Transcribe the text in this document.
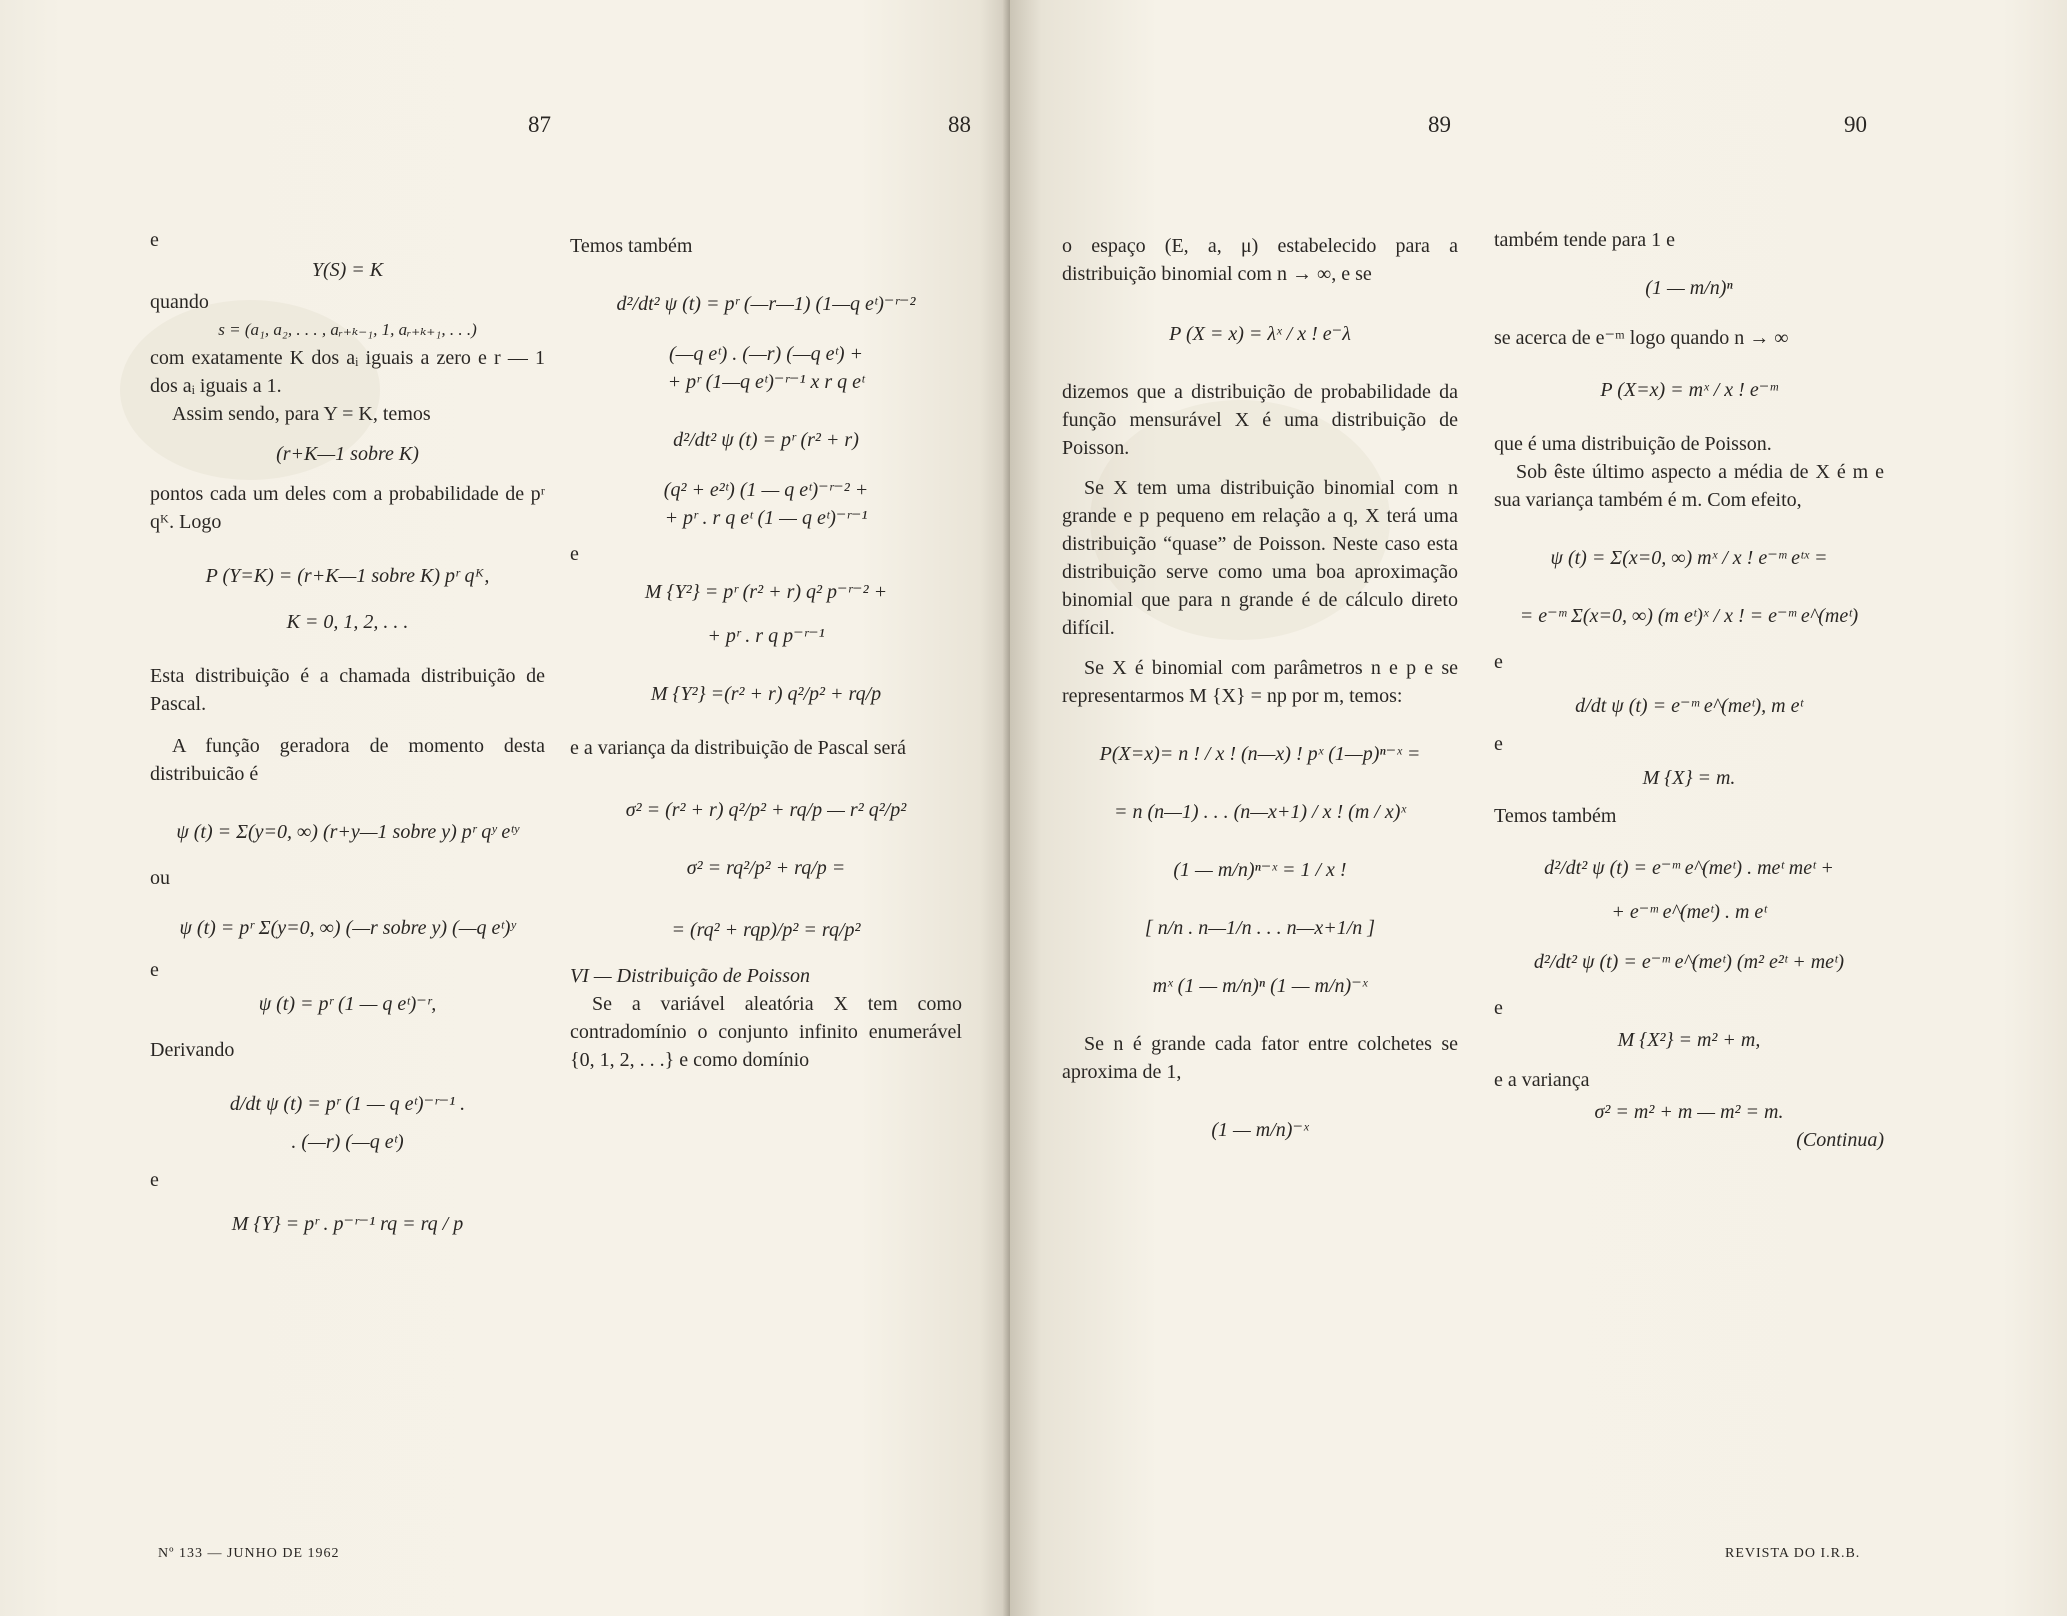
87	88

e

Y(S) = K

quando

s = (a₁, a₂, . . . , aᵣ₊ₖ₋₁, 1, aᵣ₊ₖ₊₁, . . .)

com exatamente K dos aᵢ iguais a zero e r — 1 dos aᵢ iguais a 1.

Assim sendo, para Y = K, temos

(r+K—1 sobre K)

pontos cada um deles com a probabilidade de pʳ qᴷ. Logo

P (Y=K) = (r+K—1 sobre K) pʳ qᴷ,

K = 0, 1, 2, . . .

Esta distribuição é a chamada distribuição de Pascal.

A função geradora de momento desta distribuicão é

ψ (t) = Σ(y=0, ∞) (r+y—1 sobre y) pʳ qʸ eᵗʸ

ou

ψ (t) = pʳ Σ(y=0, ∞) (—r sobre y) (—q eᵗ)ʸ

e

ψ (t) = pʳ (1 — q eᵗ)⁻ʳ,

Derivando

d/dt ψ (t) = pʳ (1 — q eᵗ)⁻ʳ⁻¹ .

. (—r) (—q eᵗ)

e

M {Y} = pʳ . p⁻ʳ⁻¹ rq = rq / p

Temos também

d²/dt² ψ (t) = pʳ (—r—1) (1—q eᵗ)⁻ʳ⁻²

(—q eᵗ) . (—r) (—q eᵗ) +

+ pʳ (1—q eᵗ)⁻ʳ⁻¹ x r q eᵗ

d²/dt² ψ (t) = pʳ (r² + r)

(q² + e²ᵗ) (1 — q eᵗ)⁻ʳ⁻² +

+ pʳ . r q eᵗ (1 — q eᵗ)⁻ʳ⁻¹

e

M {Y²} = pʳ (r² + r) q² p⁻ʳ⁻² +

+ pʳ . r q p⁻ʳ⁻¹

M {Y²} =(r² + r) q²/p² + rq/p

e a variança da distribuição de Pascal será

σ² = (r² + r) q²/p² + rq/p — r² q²/p²

σ² = rq²/p² + rq/p =

= (rq² + rqp)/p² = rq/p²

VI — Distribuição de Poisson

Se a variável aleatória X tem como contradomínio o conjunto infinito enumerável {0, 1, 2, . . .} e como domínio

Nº 133 — JUNHO DE 1962
89	90

o espaço (E, a, μ) estabelecido para a distribuição binomial com n → ∞, e se

P (X = x) = λˣ / x ! e⁻λ

dizemos que a distribuição de probabilidade da função mensurável X é uma distribuição de Poisson.

Se X tem uma distribuição binomial com n grande e p pequeno em relação a q, X terá uma distribuição “quase” de Poisson. Neste caso esta distribuição serve como uma boa aproximação binomial que para n grande é de cálculo direto difícil.

Se X é binomial com parâmetros n e p e se representarmos M {X} = np por m, temos:

P(X=x)= n ! / x ! (n—x) ! pˣ (1—p)ⁿ⁻ˣ =

= n (n—1) . . . (n—x+1) / x ! (m / x)ˣ

(1 — m/n)ⁿ⁻ˣ = 1 / x !

[ n/n . n—1/n . . . n—x+1/n ]

mˣ (1 — m/n)ⁿ (1 — m/n)⁻ˣ

Se n é grande cada fator entre colchetes se aproxima de 1,

(1 — m/n)⁻ˣ

também tende para 1 e

(1 — m/n)ⁿ

se acerca de e⁻ᵐ logo quando n → ∞

P (X=x) = mˣ / x ! e⁻ᵐ

que é uma distribuição de Poisson.

Sob êste último aspecto a média de X é m e sua variança também é m. Com efeito,

ψ (t) = Σ(x=0, ∞) mˣ / x ! e⁻ᵐ eᵗˣ =

= e⁻ᵐ Σ(x=0, ∞) (m eᵗ)ˣ / x ! = e⁻ᵐ e^(meᵗ)

e

d/dt ψ (t) = e⁻ᵐ e^(meᵗ), m eᵗ

e

M {X} = m.

Temos também

d²/dt² ψ (t) = e⁻ᵐ e^(meᵗ) . meᵗ meᵗ +

+ e⁻ᵐ e^(meᵗ) . m eᵗ

d²/dt² ψ (t) = e⁻ᵐ e^(meᵗ) (m² e²ᵗ + meᵗ)

e

M {X²} = m² + m,

e a variança

σ² = m² + m — m² = m.

(Continua)

REVISTA DO I.R.B.
